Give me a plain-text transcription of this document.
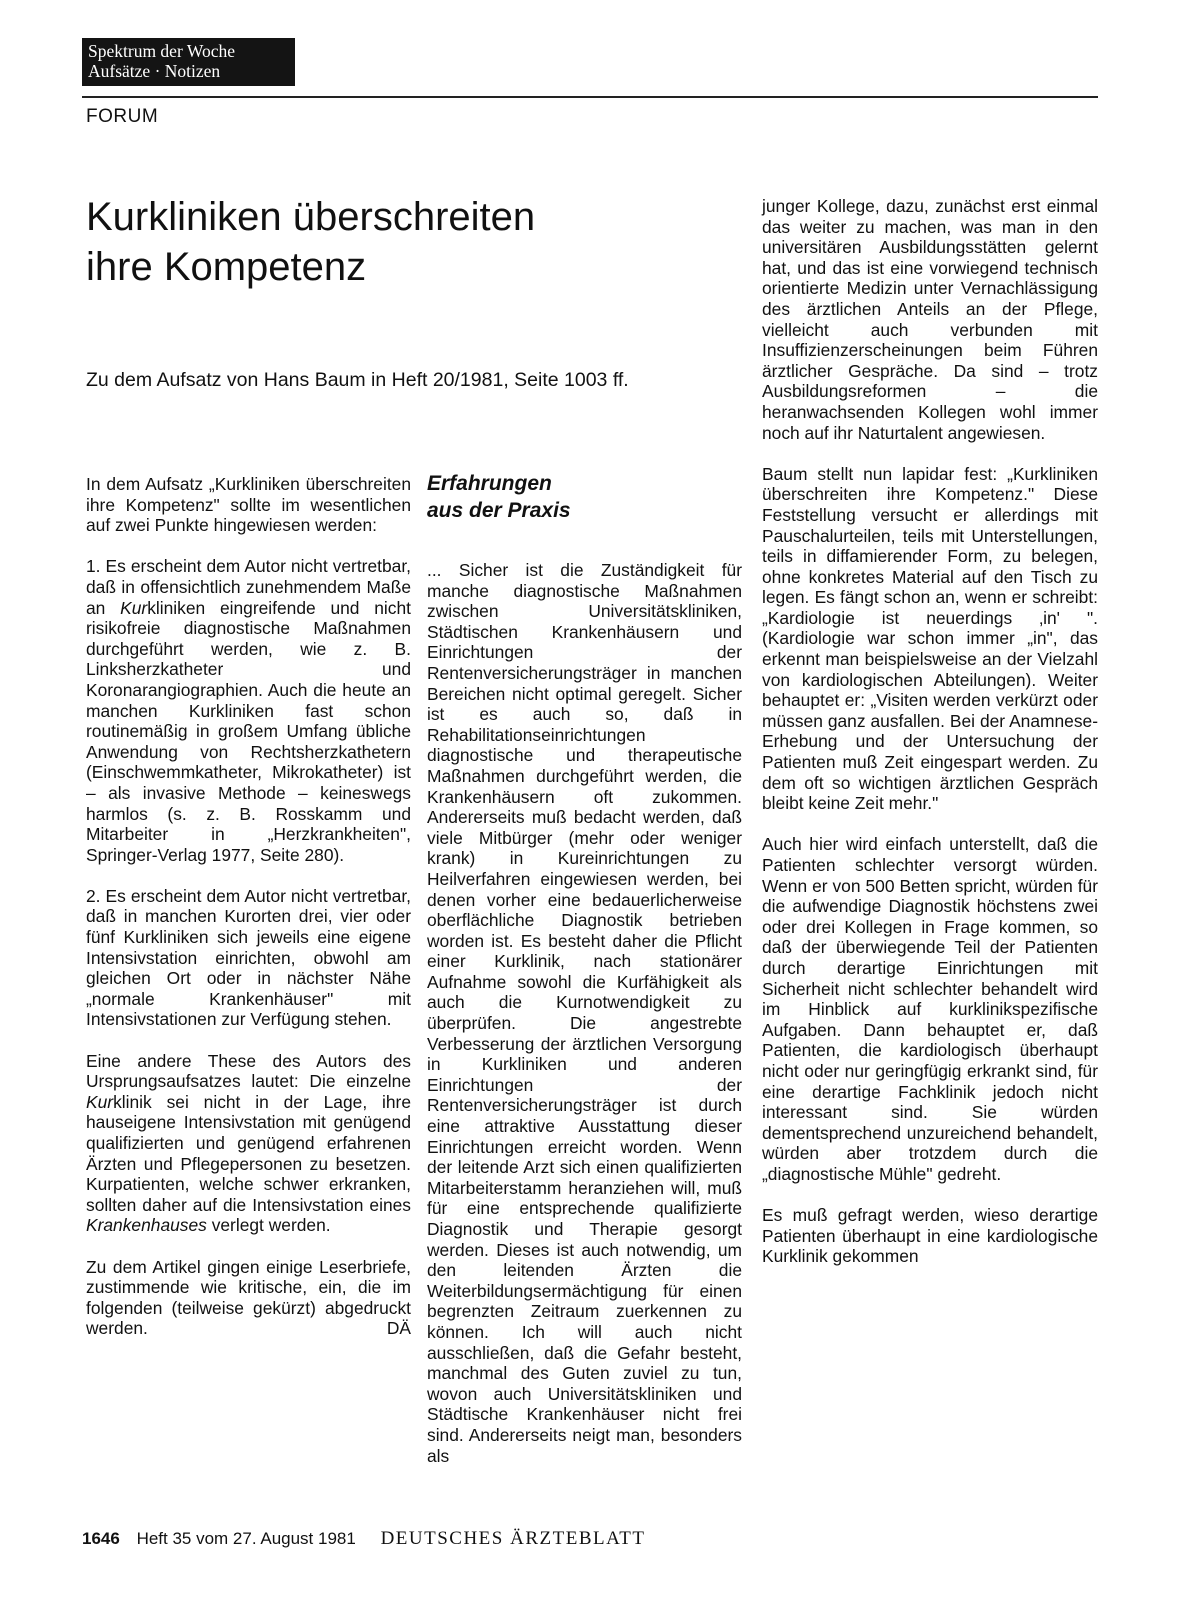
Spektrum der Woche
Aufsätze · Notizen
FORUM
Kurkliniken überschreiten
ihre Kompetenz
Zu dem Aufsatz von Hans Baum in Heft 20/1981, Seite 1003 ff.

In dem Aufsatz „Kurkliniken überschreiten ihre Kompetenz" sollte im wesentlichen auf zwei Punkte hingewiesen werden:

1. Es erscheint dem Autor nicht vertretbar, daß in offensichtlich zunehmendem Maße an Kurkliniken eingreifende und nicht risikofreie diagnostische Maßnahmen durchgeführt werden, wie z. B. Linksherzkatheter und Koronarangiographien. Auch die heute an manchen Kurkliniken fast schon routinemäßig in großem Umfang übliche Anwendung von Rechtsherzkathetern (Einschwemmkatheter, Mikrokatheter) ist – als invasive Methode – keineswegs harmlos (s. z. B. Rosskamm und Mitarbeiter in „Herzkrankheiten", Springer-Verlag 1977, Seite 280).

2. Es erscheint dem Autor nicht vertretbar, daß in manchen Kurorten drei, vier oder fünf Kurkliniken sich jeweils eine eigene Intensivstation einrichten, obwohl am gleichen Ort oder in nächster Nähe „normale Krankenhäuser" mit Intensivstationen zur Verfügung stehen.

Eine andere These des Autors des Ursprungsaufsatzes lautet: Die einzelne Kurklinik sei nicht in der Lage, ihre hauseigene Intensivstation mit genügend qualifizierten und genügend erfahrenen Ärzten und Pflegepersonen zu besetzen. Kurpatienten, welche schwer erkranken, sollten daher auf die Intensivstation eines Krankenhauses verlegt werden.

Zu dem Artikel gingen einige Leserbriefe, zustimmende wie kritische, ein, die im folgenden (teilweise gekürzt) abgedruckt werden.	DÄ

Erfahrungen
aus der Praxis

... Sicher ist die Zuständigkeit für manche diagnostische Maßnahmen zwischen Universitätskliniken, Städtischen Krankenhäusern und Einrichtungen der Rentenversicherungsträger in manchen Bereichen nicht optimal geregelt. Sicher ist es auch so, daß in Rehabilitationseinrichtungen diagnostische und therapeutische Maßnahmen durchgeführt werden, die Krankenhäusern oft zukommen. Andererseits muß bedacht werden, daß viele Mitbürger (mehr oder weniger krank) in Kureinrichtungen zu Heilverfahren eingewiesen werden, bei denen vorher eine bedauerlicherweise oberflächliche Diagnostik betrieben worden ist. Es besteht daher die Pflicht einer Kurklinik, nach stationärer Aufnahme sowohl die Kurfähigkeit als auch die Kurnotwendigkeit zu überprüfen. Die angestrebte Verbesserung der ärztlichen Versorgung in Kurkliniken und anderen Einrichtungen der Rentenversicherungsträger ist durch eine attraktive Ausstattung dieser Einrichtungen erreicht worden. Wenn der leitende Arzt sich einen qualifizierten Mitarbeiterstamm heranziehen will, muß für eine entsprechende qualifizierte Diagnostik und Therapie gesorgt werden. Dieses ist auch notwendig, um den leitenden Ärzten die Weiterbildungsermächtigung für einen begrenzten Zeitraum zuerkennen zu können. Ich will auch nicht ausschließen, daß die Gefahr besteht, manchmal des Guten zuviel zu tun, wovon auch Universitätskliniken und Städtische Krankenhäuser nicht frei sind. Andererseits neigt man, besonders als

junger Kollege, dazu, zunächst erst einmal das weiter zu machen, was man in den universitären Ausbildungsstätten gelernt hat, und das ist eine vorwiegend technisch orientierte Medizin unter Vernachlässigung des ärztlichen Anteils an der Pflege, vielleicht auch verbunden mit Insuffizienzerscheinungen beim Führen ärztlicher Gespräche. Da sind – trotz Ausbildungsreformen – die heranwachsenden Kollegen wohl immer noch auf ihr Naturtalent angewiesen.

Baum stellt nun lapidar fest: „Kurkliniken überschreiten ihre Kompetenz." Diese Feststellung versucht er allerdings mit Pauschalurteilen, teils mit Unterstellungen, teils in diffamierender Form, zu belegen, ohne konkretes Material auf den Tisch zu legen. Es fängt schon an, wenn er schreibt: „Kardiologie ist neuerdings ‚in' ". (Kardiologie war schon immer „in", das erkennt man beispielsweise an der Vielzahl von kardiologischen Abteilungen). Weiter behauptet er: „Visiten werden verkürzt oder müssen ganz ausfallen. Bei der Anamnese-Erhebung und der Untersuchung der Patienten muß Zeit eingespart werden. Zu dem oft so wichtigen ärztlichen Gespräch bleibt keine Zeit mehr."

Auch hier wird einfach unterstellt, daß die Patienten schlechter versorgt würden. Wenn er von 500 Betten spricht, würden für die aufwendige Diagnostik höchstens zwei oder drei Kollegen in Frage kommen, so daß der überwiegende Teil der Patienten durch derartige Einrichtungen mit Sicherheit nicht schlechter behandelt wird im Hinblick auf kurklinikspezifische Aufgaben. Dann behauptet er, daß Patienten, die kardiologisch überhaupt nicht oder nur geringfügig erkrankt sind, für eine derartige Fachklinik jedoch nicht interessant sind. Sie würden dementsprechend unzureichend behandelt, würden aber trotzdem durch die „diagnostische Mühle" gedreht.

Es muß gefragt werden, wieso derartige Patienten überhaupt in eine kardiologische Kurklinik gekommen

1646 Heft 35 vom 27. August 1981 DEUTSCHES ÄRZTEBLATT
